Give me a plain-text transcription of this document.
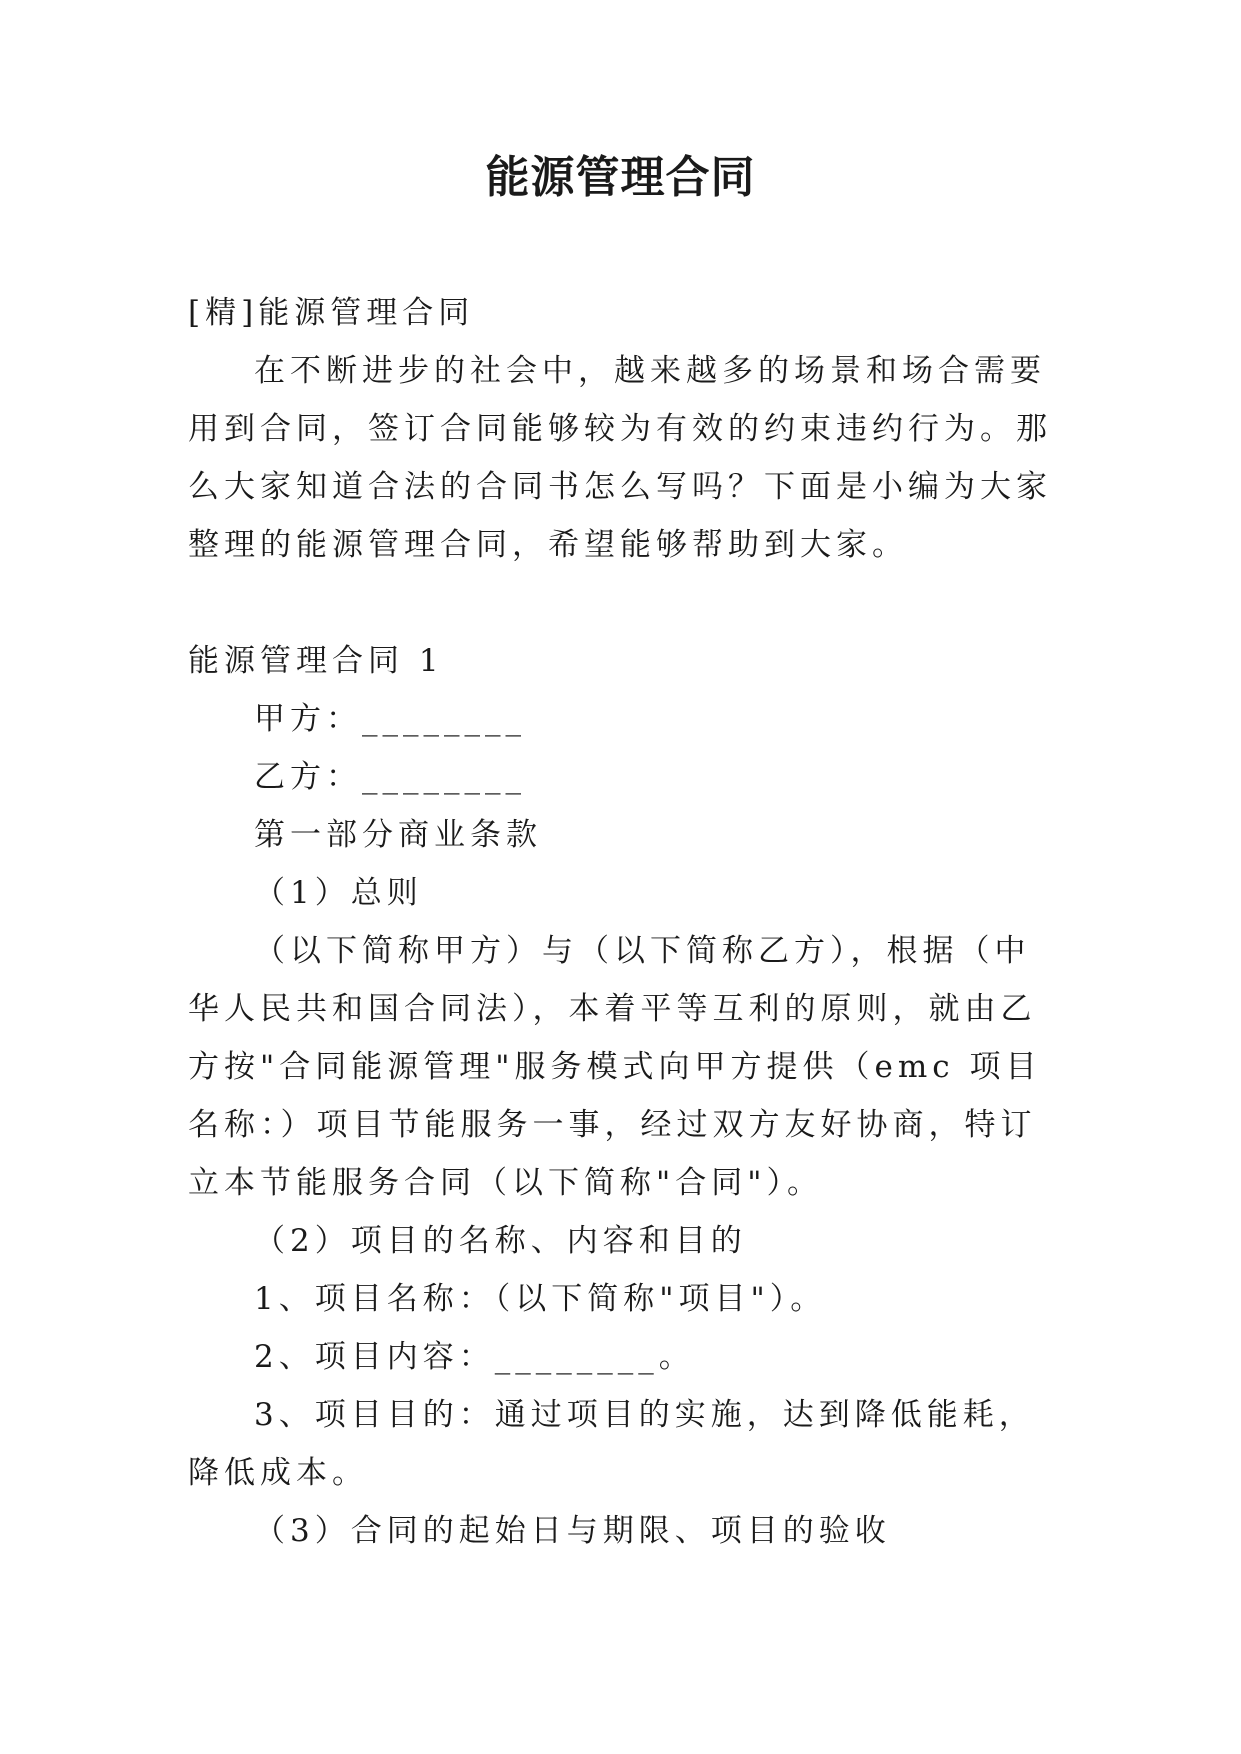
能源管理合同

[精]能源管理合同

在不断进步的社会中，越来越多的场景和场合需要用到合同，签订合同能够较为有效的约束违约行为。那么大家知道合法的合同书怎么写吗？下面是小编为大家整理的能源管理合同，希望能够帮助到大家。

能源管理合同 1

甲方：________

乙方：________

第一部分商业条款

（1）总则

（以下简称甲方）与（以下简称乙方），根据（中华人民共和国合同法），本着平等互利的原则，就由乙方按"合同能源管理"服务模式向甲方提供（emc 项目名称：）项目节能服务一事，经过双方友好协商，特订立本节能服务合同（以下简称"合同"）。

（2）项目的名称、内容和目的

1、项目名称：（以下简称"项目"）。

2、项目内容：________。

3、项目目的：通过项目的实施，达到降低能耗，降低成本。

（3）合同的起始日与期限、项目的验收
